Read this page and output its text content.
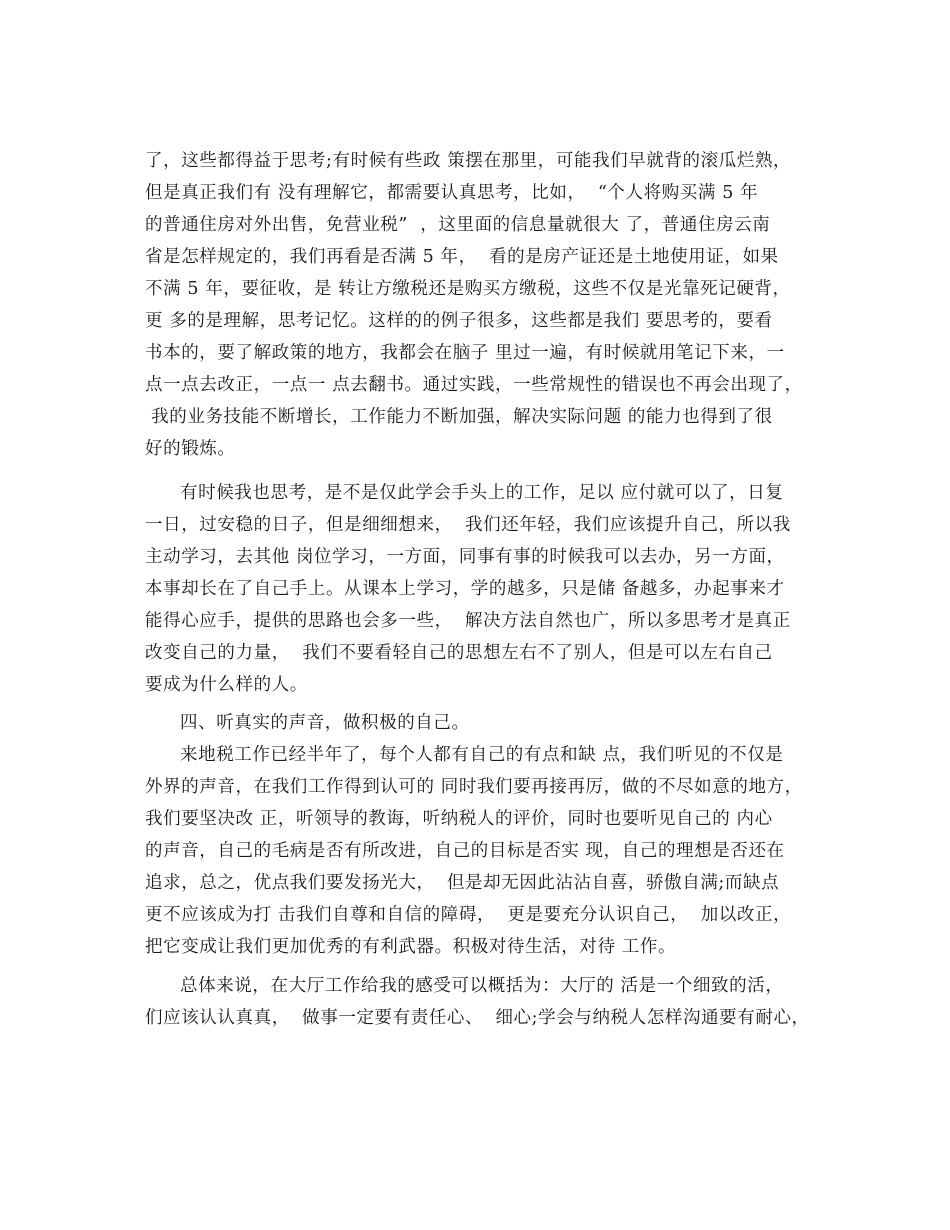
了，这些都得益于思考;有时候有些政 策摆在那里，可能我们早就背的滚瓜烂熟，

但是真正我们有 没有理解它，都需要认真思考，比如，  “个人将购买满 5 年

的普通住房对外出售，免营业税”  ，这里面的信息量就很大 了，普通住房云南

省是怎样规定的，我们再看是否满 5 年，  看的是房产证还是土地使用证，如果

不满 5 年，要征收，是 转让方缴税还是购买方缴税，这些不仅是光靠死记硬背，

更 多的是理解，思考记忆。这样的的例子很多，这些都是我们 要思考的，要看

书本的，要了解政策的地方，我都会在脑子 里过一遍，有时候就用笔记下来，一

点一点去改正，一点一 点去翻书。通过实践，一些常规性的错误也不再会出现了，

我的业务技能不断增长，工作能力不断加强，解决实际问题 的能力也得到了很

好的锻炼。

有时候我也思考，是不是仅此学会手头上的工作，足以 应付就可以了，日复

一日，过安稳的日子，但是细细想来，  我们还年轻，我们应该提升自己，所以我

主动学习，去其他 岗位学习，一方面，同事有事的时候我可以去办，另一方面，

本事却长在了自己手上。从课本上学习，学的越多，只是储 备越多，办起事来才

能得心应手，提供的思路也会多一些，  解决方法自然也广，所以多思考才是真正

改变自己的力量，  我们不要看轻自己的思想左右不了别人，但是可以左右自己

要成为什么样的人。

四、听真实的声音，做积极的自己。

来地税工作已经半年了，每个人都有自己的有点和缺 点，我们听见的不仅是

外界的声音，在我们工作得到认可的 同时我们要再接再厉，做的不尽如意的地方，

我们要坚决改 正，听领导的教诲，听纳税人的评价，同时也要听见自己的 内心

的声音，自己的毛病是否有所改进，自己的目标是否实 现，自己的理想是否还在

追求，总之，优点我们要发扬光大，  但是却无因此沾沾自喜，骄傲自满;而缺点

更不应该成为打 击我们自尊和自信的障碍，  更是要充分认识自己，  加以改正，

把它变成让我们更加优秀的有利武器。积极对待生活，对待 工作。

总体来说，在大厅工作给我的感受可以概括为：大厅的 活是一个细致的活，

们应该认认真真，  做事一定要有责任心、  细心;学会与纳税人怎样沟通要有耐心，
